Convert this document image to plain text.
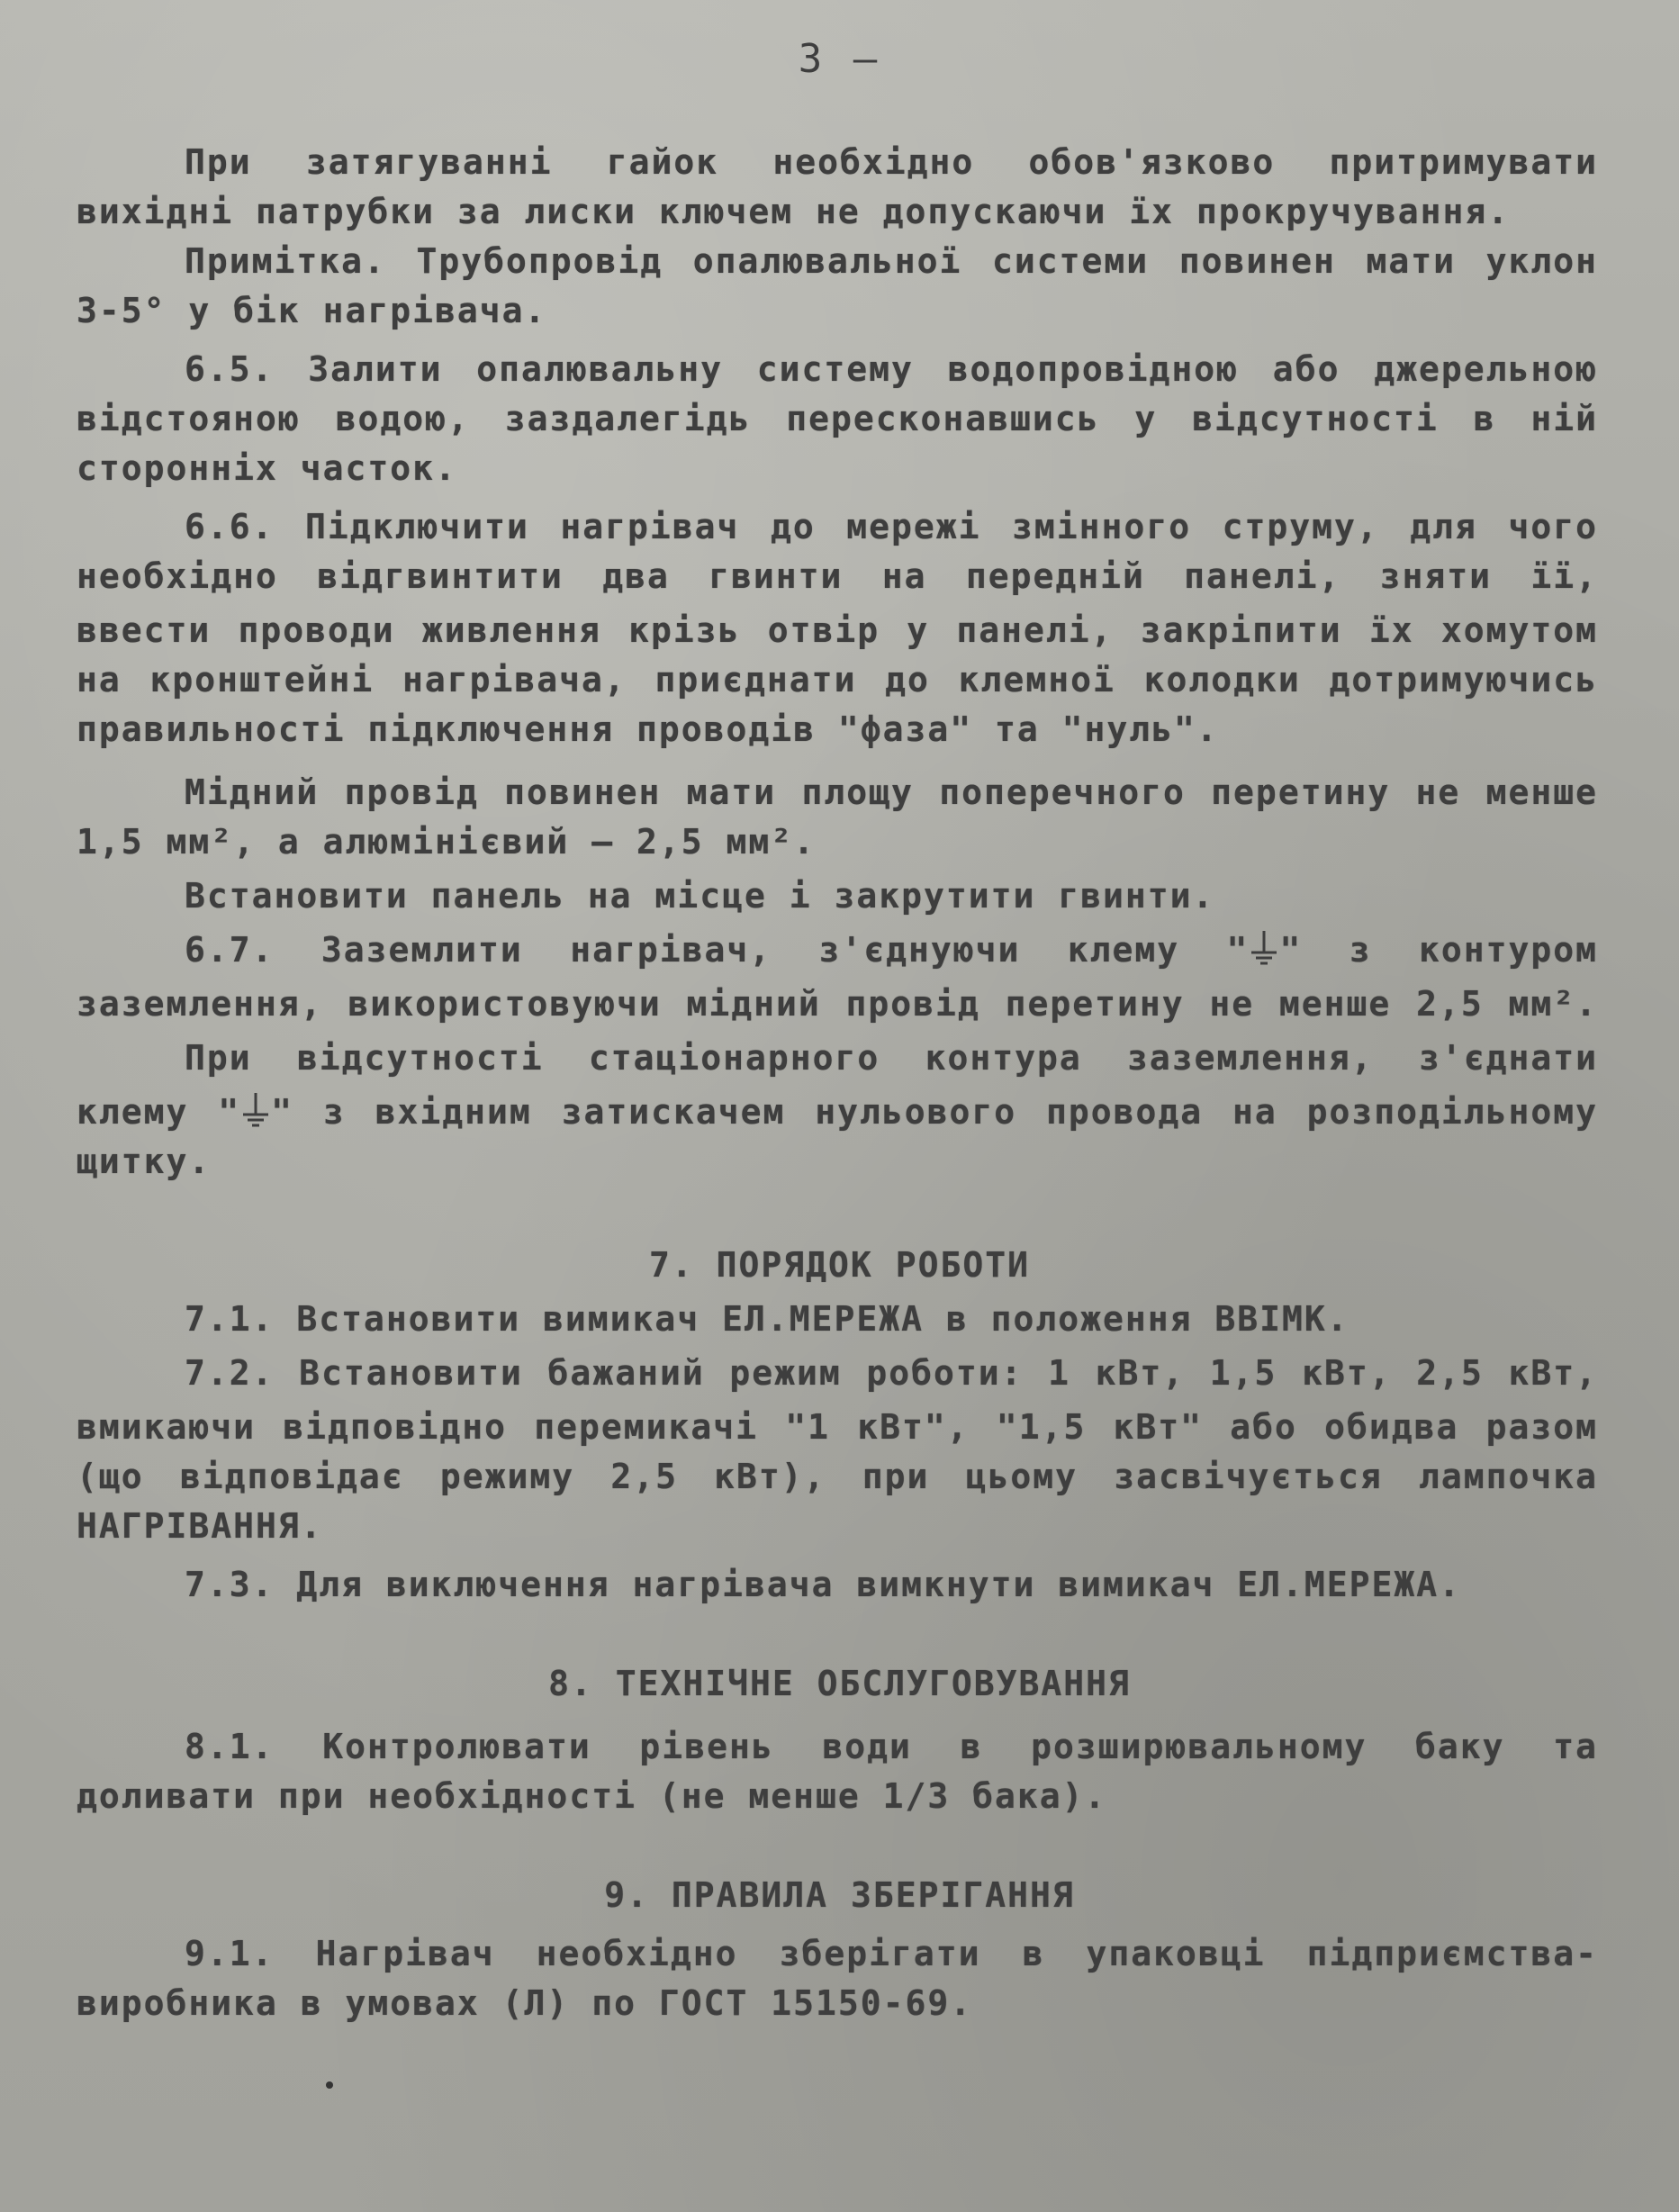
3 –
При затягуванні гайок необхідно обов'язково притримувати
вихідні патрубки за лиски ключем не допускаючи їх прокручування.
Примітка. Трубопровід опалювальної системи повинен мати уклон
3-5° у бік нагрівача.
6.5. Залити опалювальну систему водопровідною або джерельною
відстояною водою, заздалегідь пересконавшись у відсутності в ній
сторонніх часток.
6.6. Підключити нагрівач до мережі змінного струму, для чого
необхідно відгвинтити два гвинти на передній панелі, зняти її,
ввести проводи живлення крізь отвір у панелі, закріпити їх хомутом
на кронштейні нагрівача, приєднати до клемної колодки дотримуючись
правильності підключення проводів "фаза" та "нуль".
Мідний провід повинен мати площу поперечного перетину не менше
1,5 мм², а алюмінієвий – 2,5 мм².
Встановити панель на місце і закрутити гвинти.
6.7. Заземлити нагрівач, з'єднуючи клему " " з контуром
заземлення, використовуючи мідний провід перетину не менше 2,5 мм².
При відсутності стаціонарного контура заземлення, з'єднати
клему " " з вхідним затискачем нульового провода на розподільному
щитку.
7. ПОРЯДОК РОБОТИ
7.1. Встановити вимикач ЕЛ.МЕРЕЖА в положення ВВІМК.
7.2. Встановити бажаний режим роботи: 1 кВт, 1,5 кВт, 2,5 кВт,
вмикаючи відповідно перемикачі "1 кВт", "1,5 кВт" або обидва разом
(що відповідає режиму 2,5 кВт), при цьому засвічується лампочка
НАГРІВАННЯ.
7.3. Для виключення нагрівача вимкнути вимикач ЕЛ.МЕРЕЖА.
8. ТЕХНІЧНЕ ОБСЛУГОВУВАННЯ
8.1. Контролювати рівень води в розширювальному баку та
доливати при необхідності (не менше 1/3 бака).
9. ПРАВИЛА ЗБЕРІГАННЯ
9.1. Нагрівач необхідно зберігати в упаковці підприємства-
виробника в умовах (Л) по ГОСТ 15150-69.
